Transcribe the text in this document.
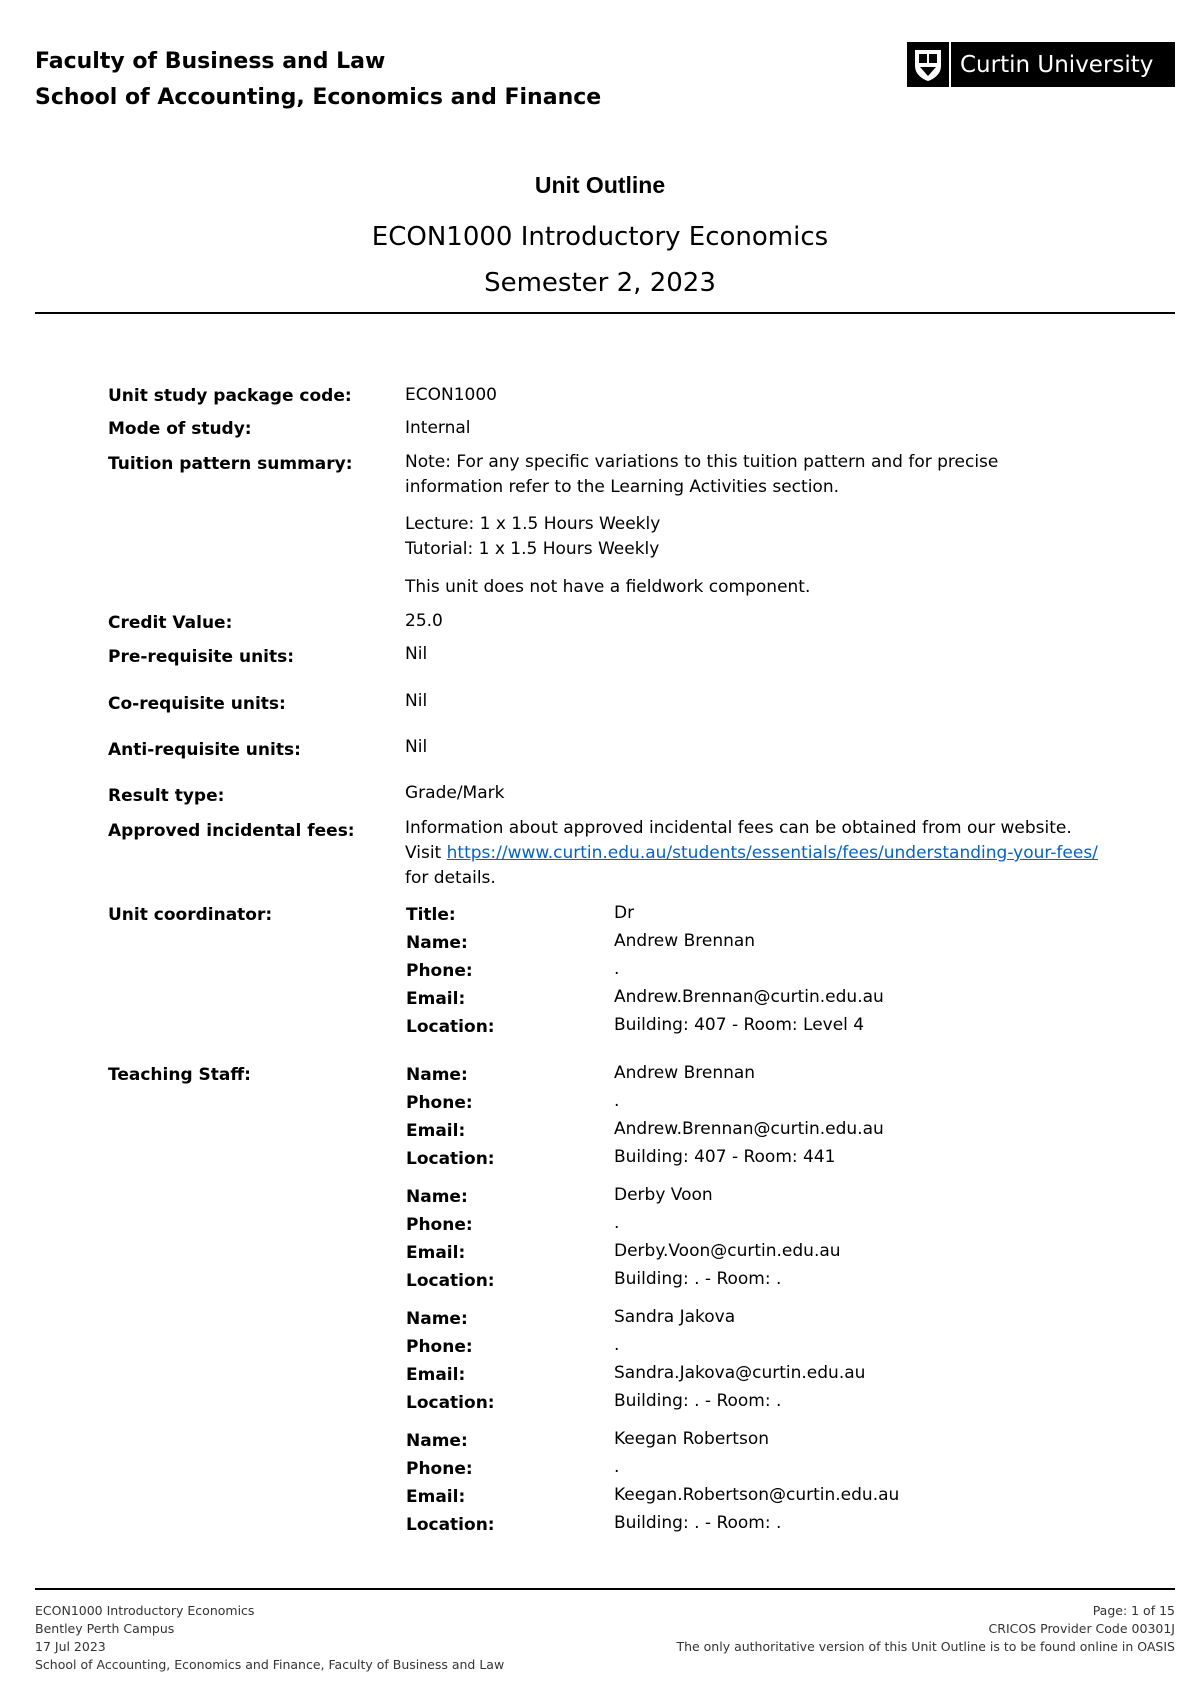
Faculty of Business and Law
School of Accounting, Economics and Finance
Curtin University
Unit Outline
ECON1000 Introductory Economics
Semester 2, 2023
Unit study package code:	ECON1000
Mode of study:	Internal
Tuition pattern summary:	Note: For any specific variations to this tuition pattern and for precise information refer to the Learning Activities section.
Lecture: 1 x 1.5 Hours Weekly
Tutorial: 1 x 1.5 Hours Weekly
This unit does not have a fieldwork component.
Credit Value:	25.0
Pre-requisite units:	Nil
Co-requisite units:	Nil
Anti-requisite units:	Nil
Result type:	Grade/Mark
Approved incidental fees:	Information about approved incidental fees can be obtained from our website. Visit https://www.curtin.edu.au/students/essentials/fees/understanding-your-fees/ for details.
Unit coordinator:	Title:	Dr
Name:	Andrew Brennan
Phone:	.
Email:	Andrew.Brennan@curtin.edu.au
Location:	Building: 407 - Room: Level 4
Teaching Staff:	Name:	Andrew Brennan
Phone:	.
Email:	Andrew.Brennan@curtin.edu.au
Location:	Building: 407 - Room: 441
Name:	Derby Voon
Phone:	.
Email:	Derby.Voon@curtin.edu.au
Location:	Building: . - Room: .
Name:	Sandra Jakova
Phone:	.
Email:	Sandra.Jakova@curtin.edu.au
Location:	Building: . - Room: .
Name:	Keegan Robertson
Phone:	.
Email:	Keegan.Robertson@curtin.edu.au
Location:	Building: . - Room: .
ECON1000 Introductory Economics
Bentley Perth Campus
17 Jul 2023
School of Accounting, Economics and Finance, Faculty of Business and Law
Page: 1 of 15
CRICOS Provider Code 00301J
The only authoritative version of this Unit Outline is to be found online in OASIS
